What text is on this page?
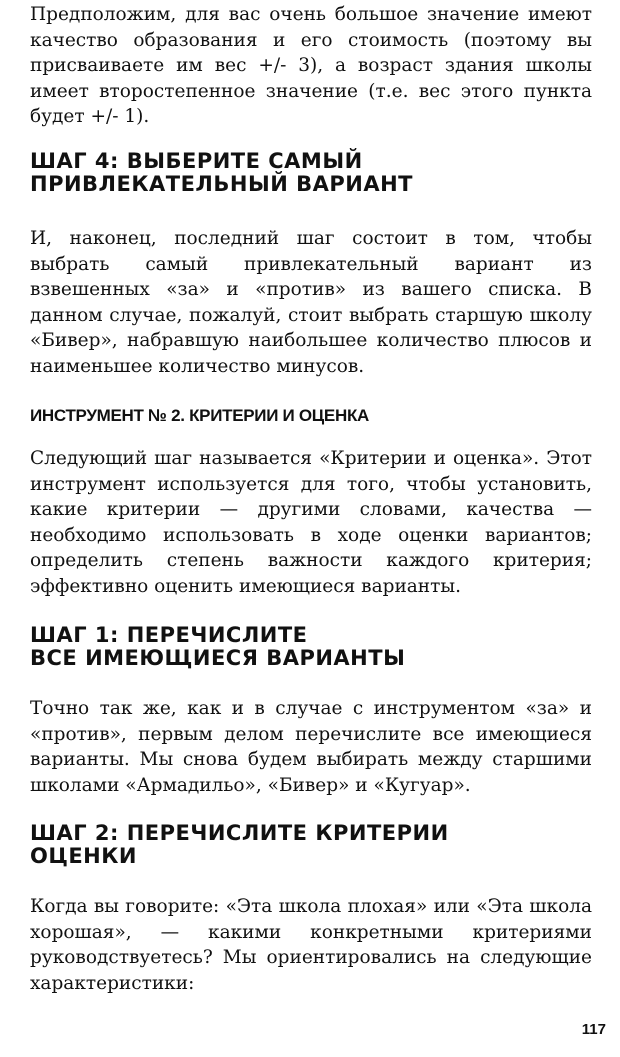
Предположим, для вас очень большое значение имеют качество образования и его стоимость (поэтому вы присваиваете им вес +/- 3), а возраст здания школы имеет второстепенное значение (т.е. вес этого пункта будет +/- 1).

ШАГ 4: ВЫБЕРИТЕ САМЫЙ
ПРИВЛЕКАТЕЛЬНЫЙ ВАРИАНТ

И, наконец, последний шаг состоит в том, чтобы выбрать самый привлекательный вариант из взвешенных «за» и «против» из вашего списка. В данном случае, пожалуй, стоит выбрать старшую школу «Бивер», набравшую наибольшее количество плюсов и наименьшее количество минусов.

ИНСТРУМЕНТ № 2. КРИТЕРИИ И ОЦЕНКА

Следующий шаг называется «Критерии и оценка». Этот инструмент используется для того, чтобы установить, какие критерии — другими словами, качества — необходимо использовать в ходе оценки вариантов; определить степень важности каждого критерия; эффективно оценить имеющиеся варианты.

ШАГ 1: ПЕРЕЧИСЛИТЕ
ВСЕ ИМЕЮЩИЕСЯ ВАРИАНТЫ

Точно так же, как и в случае с инструментом «за» и «против», первым делом перечислите все имеющиеся варианты. Мы снова будем выбирать между старшими школами «Армадильо», «Бивер» и «Кугуар».

ШАГ 2: ПЕРЕЧИСЛИТЕ КРИТЕРИИ
ОЦЕНКИ

Когда вы говорите: «Эта школа плохая» или «Эта школа хорошая», — какими конкретными критериями руководствуетесь? Мы ориентировались на следующие характеристики:

117
